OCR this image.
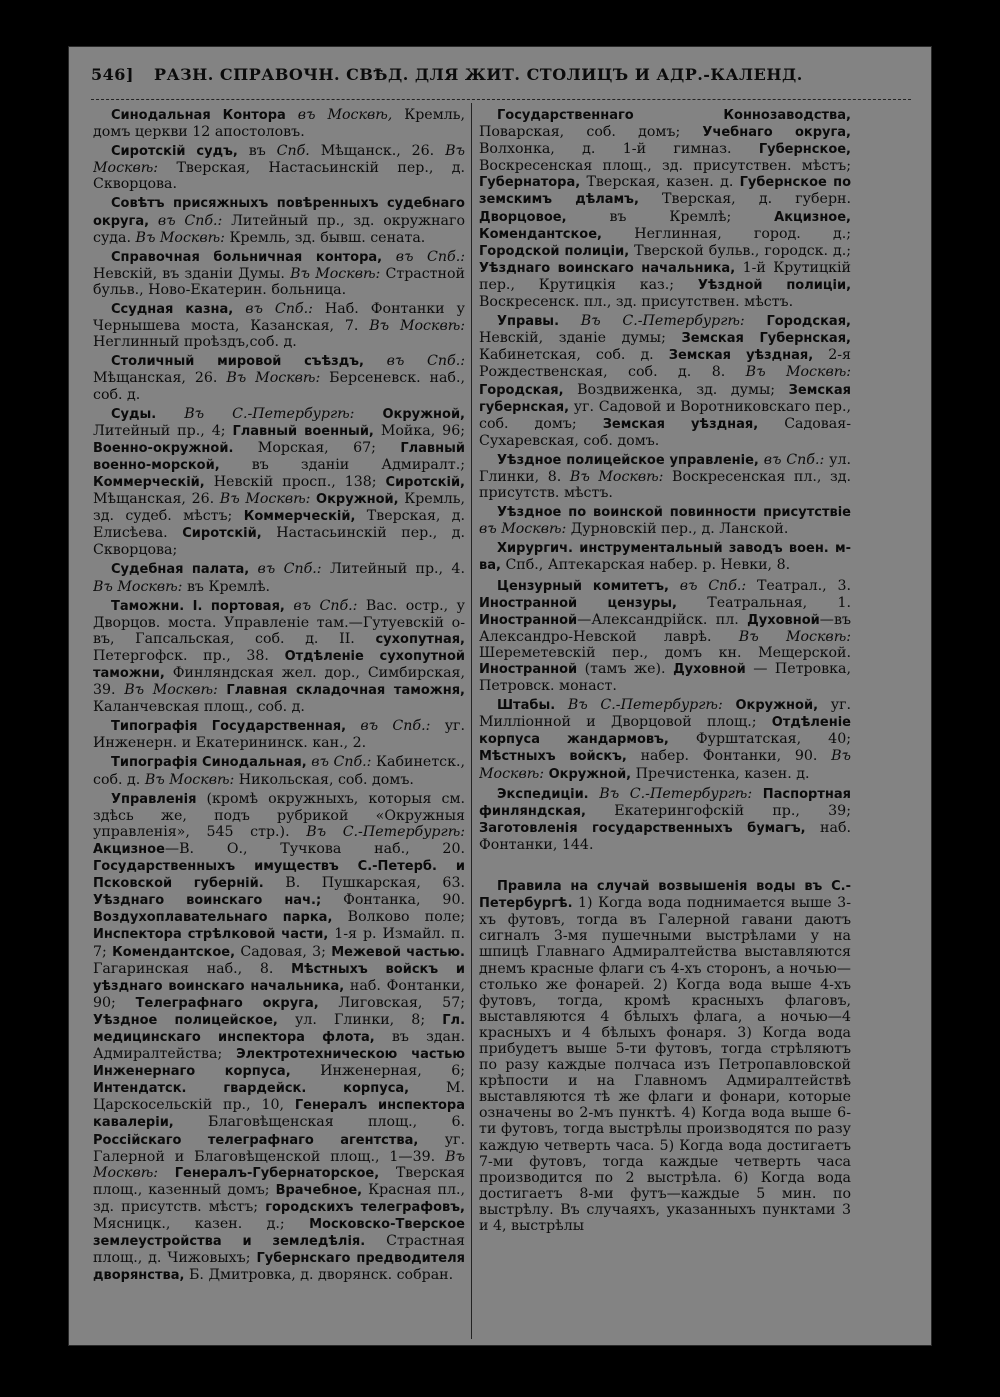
546] РАЗН. СПРАВОЧН. СВѢД. ДЛЯ ЖИТ. СТОЛИЦЪ И АДР.-КАЛЕНД.

Синодальная Контора въ Москвѣ, Кремль, домъ церкви 12 апостоловъ.

Сиротскій судъ, въ Спб. Мѣщанск., 26. Въ Москвѣ: Тверская, Настасьинскій пер., д. Скворцова.

Совѣтъ присяжныхъ повѣренныхъ судебнаго округа, въ Спб.: Литейный пр., зд. окружнаго суда. Въ Москвѣ: Кремль, зд. бывш. сената.

Справочная больничная контора, въ Спб.: Невскій, въ зданіи Думы. Въ Москвѣ: Страстной бульв., Ново-Екатерин. больница.

Ссудная казна, въ Спб.: Наб. Фонтанки у Чернышева моста, Казанская, 7. Въ Москвѣ: Неглинный проѣздъ,соб. д.

Столичный мировой съѣздъ, въ Спб.: Мѣщанская, 26. Въ Москвѣ: Берсеневск. наб., соб. д.

Суды. Въ С.-Петербургѣ: Окружной, Литейный пр., 4; Главный военный, Мойка, 96; Военно-окружной. Морская, 67; Главный военно-морской, въ зданіи Адмиралт.; Коммерческій, Невскій просп., 138; Сиротскій, Мѣщанская, 26. Въ Москвѣ: Окружной, Кремль, зд. судеб. мѣстъ; Коммерческій, Тверская, д. Елисѣева. Сиротскій, Настасьинскій пер., д. Скворцова;

Судебная палата, въ Спб.: Литейный пр., 4. Въ Москвѣ: въ Кремлѣ.

Таможни. I. портовая, въ Спб.: Вас. остр., у Дворцов. моста. Управленіе там.—Гутуевскій о-въ, Гапсальская, соб. д. II. сухопутная, Петергофск. пр., 38. Отдѣленіе сухопутной таможни, Финляндская жел. дор., Симбирская, 39. Въ Москвѣ: Главная складочная таможня, Каланчевская площ., соб. д.

Типографія Государственная, въ Спб.: уг. Инженерн. и Екатерининск. кан., 2.

Типографія Синодальная, въ Спб.: Кабинетск., соб. д. Въ Москвѣ: Никольская, соб. домъ.

Управленія (кромѣ окружныхъ, которыя см. здѣсь же, подъ рубрикой «Окружныя управленія», 545 стр.). Въ С.-Петербургѣ: Акцизное—В. О., Тучкова наб., 20. Государственныхъ имуществъ С.-Петерб. и Псковской губерній. В. Пушкарская, 63. Уѣзднаго воинскаго нач.; Фонтанка, 90. Воздухоплавательнаго парка, Волково поле; Инспектора стрѣлковой части, 1-я р. Измайл. п. 7; Комендантское, Садовая, 3; Межевой частью. Гагаринская наб., 8. Мѣстныхъ войскъ и уѣзднаго воинскаго начальника, наб. Фонтанки, 90; Телеграфнаго округа, Лиговская, 57; Уѣздное полицейское, ул. Глинки, 8; Гл. медицинскаго инспектора флота, въ здан. Адмиралтейства; Электротехническою частью Инженернаго корпуса, Инженерная, 6; Интендатск. гвардейск. корпуса, М. Царскосельскій пр., 10, Генералъ инспектора кавалеріи, Благовѣщенская площ., 6. Россійскаго телеграфнаго агентства, уг. Галерной и Благовѣщенской площ., 1—39. Въ Москвѣ: Генералъ-Губернаторское, Тверская площ., казенный домъ; Врачебное, Красная пл., зд. присутств. мѣстъ; городскихъ телеграфовъ, Мясницк., казен. д.; Московско-Тверское землеустройства и земледѣлія. Страстная площ., д. Чижовыхъ; Губернскаго предводителя дворянства, Б. Дмитровка, д. дворянск. собран.

Государственнаго Коннозаводства, Поварская, соб. домъ; Учебнаго округа, Волхонка, д. 1-й гимназ. Губернское, Воскресенская площ., зд. присутствен. мѣстъ; Губернатора, Тверская, казен. д. Губернское по земскимъ дѣламъ, Тверская, д. губерн. Дворцовое, въ Кремлѣ; Акцизное, Комендантское, Неглинная, город. д.; Городской полиціи, Тверской бульв., городск. д.; Уѣзднаго воинскаго начальника, 1-й Крутицкій пер., Крутицкія каз.; Уѣздной полиціи, Воскресенск. пл., зд. присутствен. мѣстъ.

Управы. Въ С.-Петербургѣ: Городская, Невскій, зданіе думы; Земская Губернская, Кабинетская, соб. д. Земская уѣздная, 2-я Рождественская, соб. д. 8. Въ Москвѣ: Городская, Воздвиженка, зд. думы; Земская губернская, уг. Садовой и Воротниковскаго пер., соб. домъ; Земская уѣздная, Садовая-Сухаревская, соб. домъ.

Уѣздное полицейское управленіе, въ Спб.: ул. Глинки, 8. Въ Москвѣ: Воскресенская пл., зд. присутств. мѣстъ.

Уѣздное по воинской повинности присутствіе въ Москвѣ: Дурновскій пер., д. Ланской.

Хирургич. инструментальный заводъ воен. м-ва, Спб., Аптекарская набер. р. Невки, 8.

Цензурный комитетъ, въ Спб.: Театрал., 3. Иностранной цензуры, Театральная, 1. Иностранной—Александрійск. пл. Духовной—въ Александро-Невской лаврѣ. Въ Москвѣ: Шереметевскій пер., домъ кн. Мещерской. Иностранной (тамъ же). Духовной — Петровка, Петровск. монаст.

Штабы. Въ С.-Петербургѣ: Окружной, уг. Милліонной и Дворцовой площ.; Отдѣленіе корпуса жандармовъ, Фурштатская, 40; Мѣстныхъ войскъ, набер. Фонтанки, 90. Въ Москвѣ: Окружной, Пречистенка, казен. д.

Экспедиціи. Въ С.-Петербургѣ: Паспортная финляндская, Екатерингофскій пр., 39; Заготовленія государственныхъ бумагъ, наб. Фонтанки, 144.

Правила на случай возвышенія воды въ С.-Петербургѣ. 1) Когда вода поднимается выше 3-хъ футовъ, тогда въ Галерной гавани даютъ сигналъ 3-мя пушечными выстрѣлами у на шпицѣ Главнаго Адмиралтейства выставляются днемъ красные флаги съ 4-хъ сторонъ, а ночью—столько же фонарей. 2) Когда вода выше 4-хъ футовъ, тогда, кромѣ красныхъ флаговъ, выставляются 4 бѣлыхъ флага, а ночью—4 красныхъ и 4 бѣлыхъ фонаря. 3) Когда вода прибудетъ выше 5-ти футовъ, тогда стрѣляютъ по разу каждые полчаса изъ Петропавловской крѣпости и на Главномъ Адмиралтействѣ выставляются тѣ же флаги и фонари, которые означены во 2-мъ пунктѣ. 4) Когда вода выше 6-ти футовъ, тогда выстрѣлы производятся по разу каждую четверть часа. 5) Когда вода достигаетъ 7-ми футовъ, тогда каждые четверть часа производится по 2 выстрѣла. 6) Когда вода достигаетъ 8-ми футъ—каждые 5 мин. по выстрѣлу. Въ случаяхъ, указанныхъ пунктами 3 и 4, выстрѣлы
